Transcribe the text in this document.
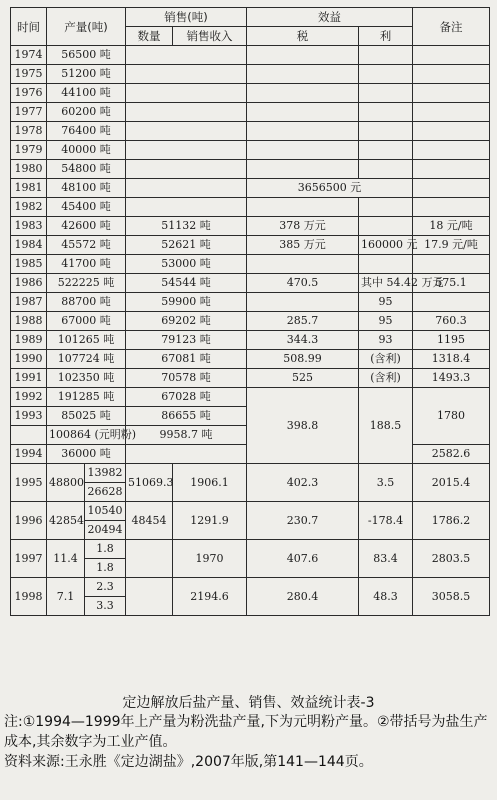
时间	产量(吨)		销售(吨)		效益		备注
			数量	销售收入	税	利	
1974	56500 吨						
1975	51200 吨						
1976	44100 吨						
1977	60200 吨						
1978	76400 吨						
1979	40000 吨						
1980	54800 吨						
1981	48100 吨				3656500 元		
1982	45400 吨						
1983	42600 吨		51132 吨		378 万元		18 元/吨
1984	45572 吨		52621 吨		385 万元	160000 元	17.9 元/吨
1985	41700 吨		53000 吨				
1986	522225 吨		54544 吨		470.5	其中 54.42 万元	575.1
1987	88700 吨		59900 吨			95	
1988	67000 吨		69202 吨		285.7	95	760.3
1989	101265 吨		79123 吨		344.3	93	1195
1990	107724 吨		67081 吨		508.99	(含利)	1318.4
1991	102350 吨		70578 吨		525	(含利)	1493.3
1992	191285 吨		67028 吨		398.8	188.5	1780
1993	85025 吨		86655 吨				
	100864 (元明粉)		9958.7 吨				
1994	36000 吨						2582.6
1995	48800	13982	51069.3	1906.1	402.3	3.5	2015.4
		26628					
1996	42854	10540	48454	1291.9	230.7	-178.4	1786.2
		20494					
1997	11.4	1.8		1970	407.6	83.4	2803.5
		1.8					
1998	7.1	2.3		2194.6	280.4	48.3	3058.5
		3.3					
定边解放后盐产量、销售、效益统计表-3

注:①1994—1999年上产量为粉洗盐产量,下为元明粉产量。②带括号为盐生产成本,其余数字为工业产值。

资料来源:王永胜《定边湖盐》,2007年版,第141—144页。
